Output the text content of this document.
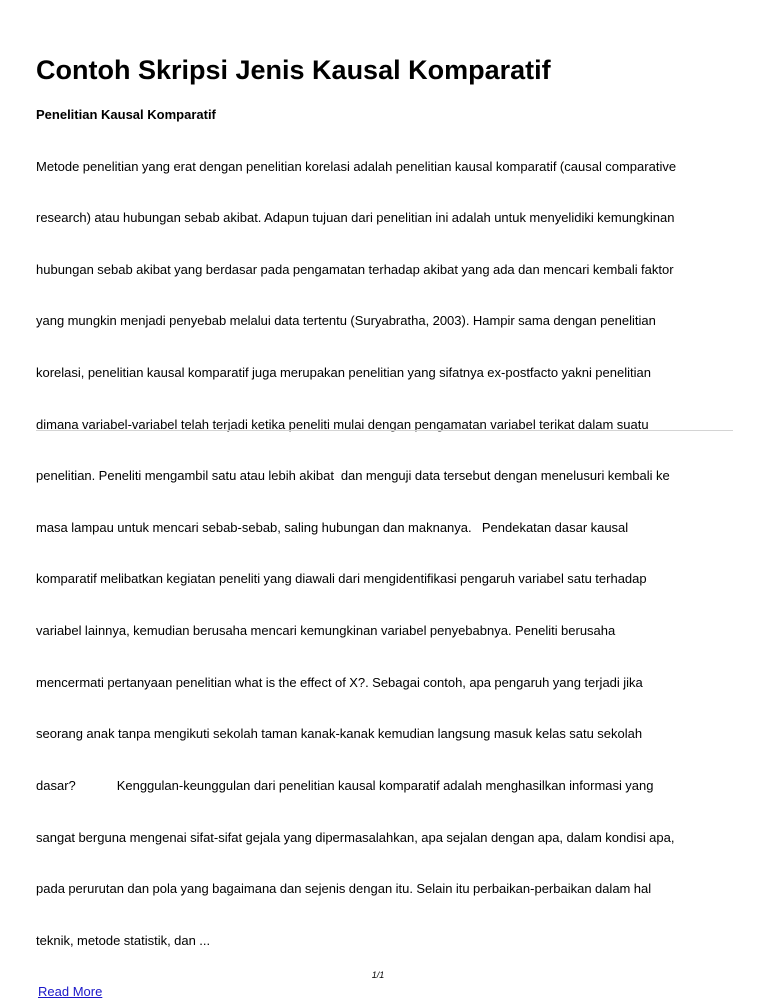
Contoh Skripsi Jenis Kausal Komparatif
Penelitian Kausal Komparatif

Metode penelitian yang erat dengan penelitian korelasi adalah penelitian kausal komparatif (causal comparative

research) atau hubungan sebab akibat. Adapun tujuan dari penelitian ini adalah untuk menyelidiki kemungkinan

hubungan sebab akibat yang berdasar pada pengamatan terhadap akibat yang ada dan mencari kembali faktor

yang mungkin menjadi penyebab melalui data tertentu (Suryabratha, 2003). Hampir sama dengan penelitian

korelasi, penelitian kausal komparatif juga merupakan penelitian yang sifatnya ex-postfacto yakni penelitian

dimana variabel-variabel telah terjadi ketika peneliti mulai dengan pengamatan variabel terikat dalam suatu

penelitian. Peneliti mengambil satu atau lebih akibat  dan menguji data tersebut dengan menelusuri kembali ke

masa lampau untuk mencari sebab-sebab, saling hubungan dan maknanya.   Pendekatan dasar kausal

komparatif melibatkan kegiatan peneliti yang diawali dari mengidentifikasi pengaruh variabel satu terhadap

variabel lainnya, kemudian berusaha mencari kemungkinan variabel penyebabnya. Peneliti berusaha

mencermati pertanyaan penelitian what is the effect of X?. Sebagai contoh, apa pengaruh yang terjadi jika

seorang anak tanpa mengikuti sekolah taman kanak-kanak kemudian langsung masuk kelas satu sekolah

dasar?            Kenggulan-keunggulan dari penelitian kausal komparatif adalah menghasilkan informasi yang

sangat berguna mengenai sifat-sifat gejala yang dipermasalahkan, apa sejalan dengan apa, dalam kondisi apa,

pada perurutan dan pola yang bagaimana dan sejenis dengan itu. Selain itu perbaikan-perbaikan dalam hal

teknik, metode statistik, dan ...

Read More
1/1
